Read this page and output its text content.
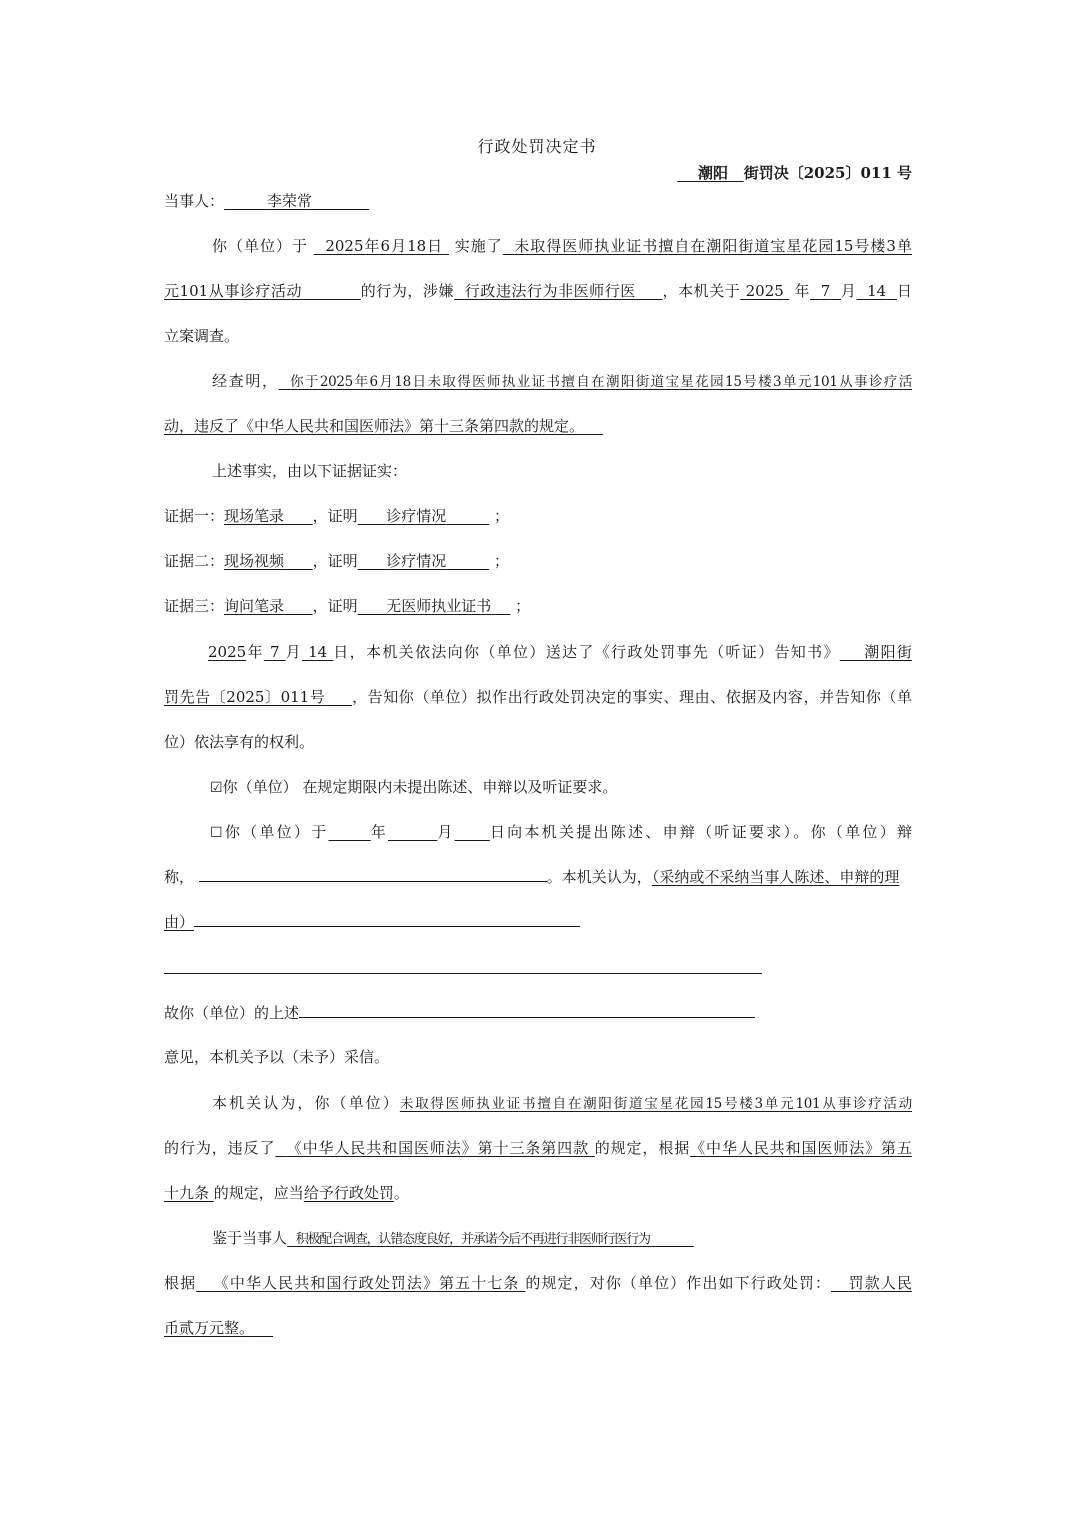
行政处罚决定书
潮阳 街罚决〔2025〕011 号
当事人：	李荣常
你（单位）于 2025年6月18日 实施了 未取得医师执业证书擅自在潮阳街道宝星花园15号楼3单
元101从事诊疗活动	的行为，涉嫌 行政违法行为非医师行医 ，本机关于 2025 年 7 月 14 日
立案调查。
经查明， 你于2025年6月18日未取得医师执业证书擅自在潮阳街道宝星花园15号楼3单元101从事诊疗活
动，违反了《中华人民共和国医师法》第十三条第四款的规定。
上述事实，由以下证据证实：
证据一：现场笔录 ，证明 诊疗情况	；
证据二：现场视频 ，证明 诊疗情况	；
证据三：询问笔录 ，证明 无医师执业证书 ；
2025年 7 月 14 日，本机关依法向你（单位）送达了《行政处罚事先（听证）告知书》 潮阳街
罚先告〔2025〕011号 ，告知你（单位）拟作出行政处罚决定的事实、理由、依据及内容，并告知你（单
位）依法享有的权利。
☑你（单位） 在规定期限内未提出陈述、申辩以及听证要求。
☐你（单位）于	年	月 日向本机关提出陈述、申辩（听证要求）。你（单位）辩
称，	。本机关认为，（采纳或不采纳当事人陈述、申辩的理
由）
故你（单位）的上述
意见，本机关予以（未予）采信。
本机关认为，你（单位）未取得医师执业证书擅自在潮阳街道宝星花园15号楼3单元101从事诊疗活动
的行为，违反了 《中华人民共和国医师法》第十三条第四款 的规定，根据《中华人民共和国医师法》第五
十九条 的规定，应当给予行政处罚。
鉴于当事人 积极配合调查，认错态度良好，并承诺今后不再进行非医师行医行为
根据 《中华人民共和国行政处罚法》第五十七条 的规定，对你（单位）作出如下行政处罚： 罚款人民
币贰万元整。
